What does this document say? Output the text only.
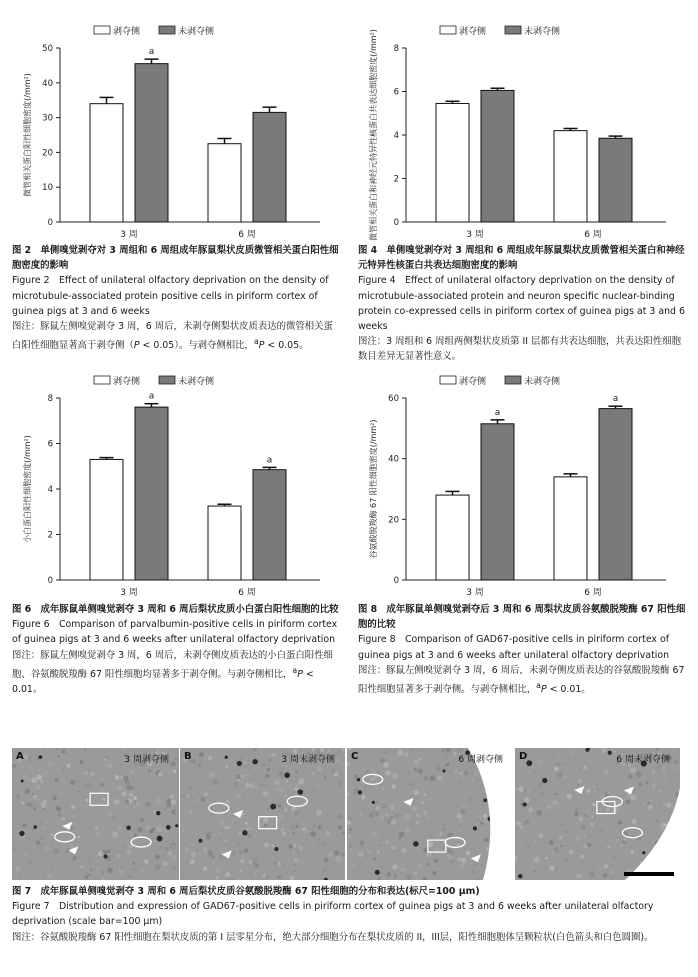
剥夺侧	未剥夺侧
0
10
20
30
40
50
微管相关蛋白阳性细胞密度(/mm²)
a
3 周	6 周
剥夺侧	未剥夺侧
0
2
4
6
8
微管相关蛋白和神经元特异性核蛋白共表达细胞密度(/mm²)	3 周	6 周
剥夺侧	未剥夺侧
0
2
4
6
8
小白蛋白阳性细胞密度(/mm²)
a
3 周
a
6 周
剥夺侧	未剥夺侧
0
20
40
60
谷氨酸脱羧酶 67 阳性细胞密度(/mm²)
a
3 周
a
6 周
图 2　单侧嗅觉剥夺对 3 周组和 6 周组成年豚鼠梨状皮质微管相关蛋白阳性细胞密度的影响
Figure 2　Effect of unilateral olfactory deprivation on the density of microtubule-associated protein positive cells in piriform cortex of guinea pigs at 3 and 6 weeks
图注：豚鼠左侧嗅觉剥夺 3 周，6 周后，未剥夺侧梨状皮质表达的微管相关蛋白阳性细胞显著高于剥夺侧（P < 0.05）。与剥夺侧相比，$^a$P < 0.05。
图 4　单侧嗅觉剥夺对 3 周组和 6 周组成年豚鼠梨状皮质微管相关蛋白和神经元特异性核蛋白共表达细胞密度的影响
Figure 4　Effect of unilateral olfactory deprivation on the density of microtubule-associated protein and neuron specific nuclear-binding protein co-expressed cells in piriform cortex of guinea pigs at 3 and 6 weeks
图注：3 周组和 6 周组两侧梨状皮质第 II 层都有共表达细胞，共表达阳性细胞数目差异无显著性意义。
图 6　成年豚鼠单侧嗅觉剥夺 3 周和 6 周后梨状皮质小白蛋白阳性细胞的比较
Figure 6　Comparison of parvalbumin-positive cells in piriform cortex of guinea pigs at 3 and 6 weeks after unilateral olfactory deprivation
图注：豚鼠左侧嗅觉剥夺 3 周，6 周后，未剥夺侧皮质表达的小白蛋白阳性细胞、谷氨酸脱羧酶 67 阳性细胞均显著多于剥夺侧。与剥夺侧相比，$^a$P < 0.01。
图 8　成年豚鼠单侧嗅觉剥夺后 3 周和 6 周梨状皮质谷氨酸脱羧酶 67 阳性细胞的比较
Figure 8　Comparison of GAD67-positive cells in piriform cortex of guinea pigs at 3 and 6 weeks after unilateral olfactory deprivation
图注：豚鼠左侧嗅觉剥夺 3 周，6 周后，未剥夺侧皮质表达的谷氨酸脱羧酶 67 阳性细胞显著多于剥夺侧。与剥夺侧相比，$^a$P < 0.01。
A	3 周剥夺侧 B	3 周未剥夺侧 C	6 周剥夺侧 D	6 周未剥夺侧
图 7　成年豚鼠单侧嗅觉剥夺 3 周和 6 周后梨状皮质谷氨酸脱羧酶 67 阳性细胞的分布和表达(标尺=100 μm)
Figure 7　Distribution and expression of GAD67-positive cells in piriform cortex of guinea pigs at 3 and 6 weeks after unilateral olfactory deprivation (scale bar=100 μm)
图注：谷氨酸脱羧酶 67 阳性细胞在梨状皮质的第 I 层零星分布，绝大部分细胞分布在梨状皮质的 II，III层，阳性细胞胞体呈颗粒状(白色箭头和白色圆圈)。
